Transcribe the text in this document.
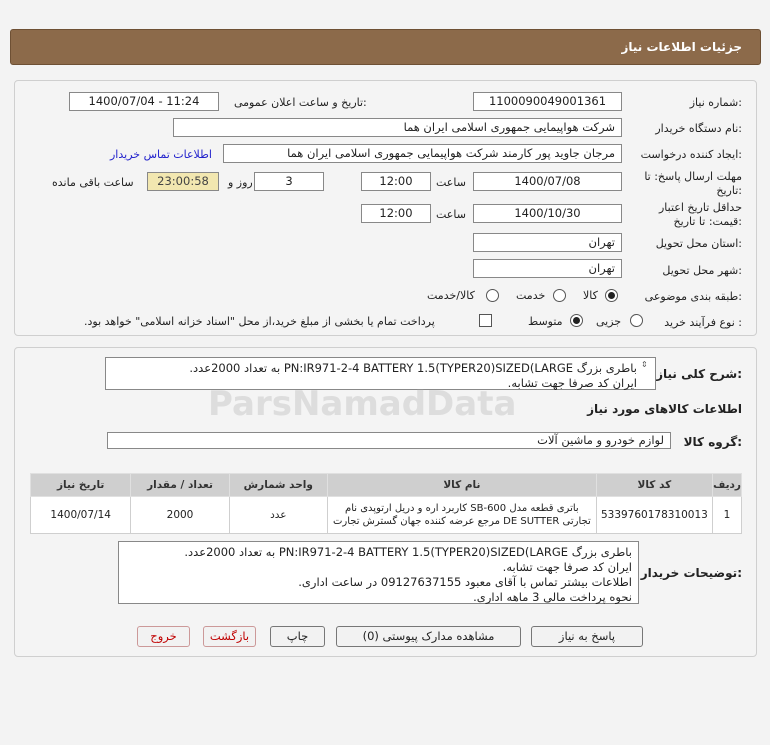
جزئیات اطلاعات نیاز
شماره نیاز:
1100090049001361
تاریخ و ساعت اعلان عمومی:
1400/07/04 - 11:24
نام دستگاه خریدار:
شرکت هواپیمایی جمهوری اسلامی ایران هما
ایجاد کننده درخواست:
مرجان جاوید پور کارمند شرکت هواپیمایی جمهوری اسلامی ایران هما
اطلاعات تماس خریدار
مهلت ارسال پاسخ: تا تاریخ:
1400/07/08
ساعت
12:00
3
روز و
23:00:58
ساعت باقی مانده
حداقل تاریخ اعتبار قیمت: تا تاریخ:
1400/10/30
ساعت
12:00
استان محل تحویل:
تهران
شهر محل تحویل:
تهران
طبقه بندی موضوعی:
کالا
خدمت
کالا/خدمت
نوع فرآیند خرید :
جزیی
متوسط
پرداخت تمام یا بخشی از مبلغ خرید،از محل "اسناد خزانه اسلامی" خواهد بود.
شرح کلی نیاز:
باطری بزرگ PN:IR971-2-4 BATTERY 1.5(TYPER20)SIZED(LARGE به تعداد 2000عدد.
ایران کد صرفا جهت تشابه.
⇕
اطلاعات کالاهای مورد نیاز
گروه کالا:
لوازم خودرو و ماشین آلات
ردیف	کد کالا	نام کالا	واحد شمارش	تعداد / مقدار	تاریخ نیاز
1	5339760178310013	باتری قطعه مدل SB-600 کاربرد اره و دریل ارتوپدی نام تجارتی DE SUTTER مرجع عرضه کننده جهان گسترش تجارت	عدد	2000	1400/07/14
توضیحات خریدار:
باطری بزرگ PN:IR971-2-4 BATTERY 1.5(TYPER20)SIZED(LARGE به تعداد 2000عدد.
ایران کد صرفا جهت تشابه.
اطلاعات بیشتر تماس با آقای معبود 09127637155 در ساعت اداری.
نحوه پرداخت مالی 3 ماهه اداری.
پاسخ به نیاز
مشاهده مدارک پیوستی (0)
چاپ
بازگشت
خروج
ParsNamadData
